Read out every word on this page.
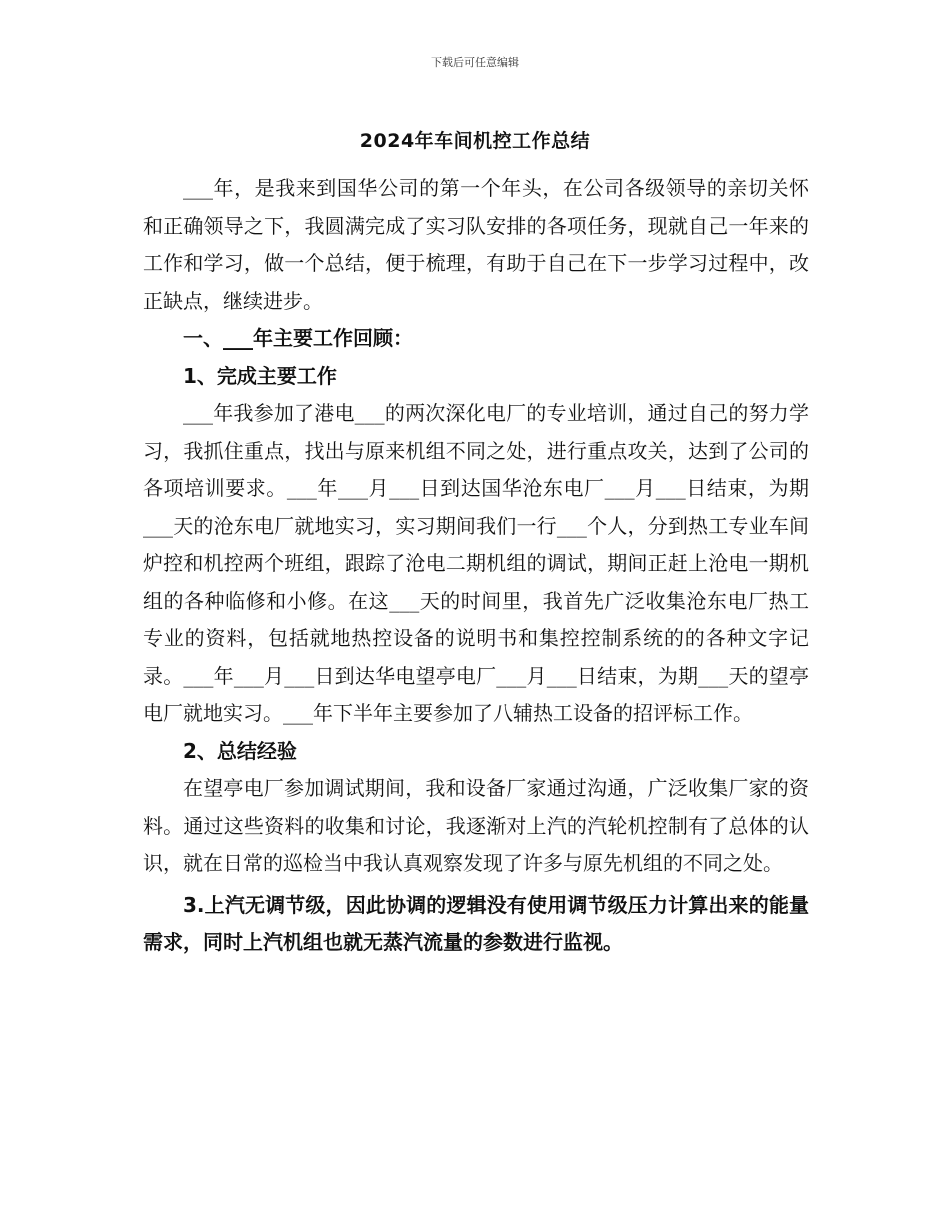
下载后可任意编辑
2024年车间机控工作总结

___年，是我来到国华公司的第一个年头，在公司各级领导的亲切关怀和正确领导之下，我圆满完成了实习队安排的各项任务，现就自己一年来的工作和学习，做一个总结，便于梳理，有助于自己在下一步学习过程中，改正缺点，继续进步。

一、___年主要工作回顾：

1、完成主要工作

___年我参加了港电___的两次深化电厂的专业培训，通过自己的努力学习，我抓住重点，找出与原来机组不同之处，进行重点攻关，达到了公司的各项培训要求。___年___月___日到达国华沧东电厂___月___日结束，为期___天的沧东电厂就地实习，实习期间我们一行___个人，分到热工专业车间炉控和机控两个班组，跟踪了沧电二期机组的调试，期间正赶上沧电一期机组的各种临修和小修。在这___天的时间里，我首先广泛收集沧东电厂热工专业的资料，包括就地热控设备的说明书和集控控制系统的的各种文字记录。___年___月___日到达华电望亭电厂___月___日结束，为期___天的望亭电厂就地实习。___年下半年主要参加了八辅热工设备的招评标工作。

2、总结经验

在望亭电厂参加调试期间，我和设备厂家通过沟通，广泛收集厂家的资料。通过这些资料的收集和讨论，我逐渐对上汽的汽轮机控制有了总体的认识，就在日常的巡检当中我认真观察发现了许多与原先机组的不同之处。

3.上汽无调节级，因此协调的逻辑没有使用调节级压力计算出来的能量需求，同时上汽机组也就无蒸汽流量的参数进行监视。
